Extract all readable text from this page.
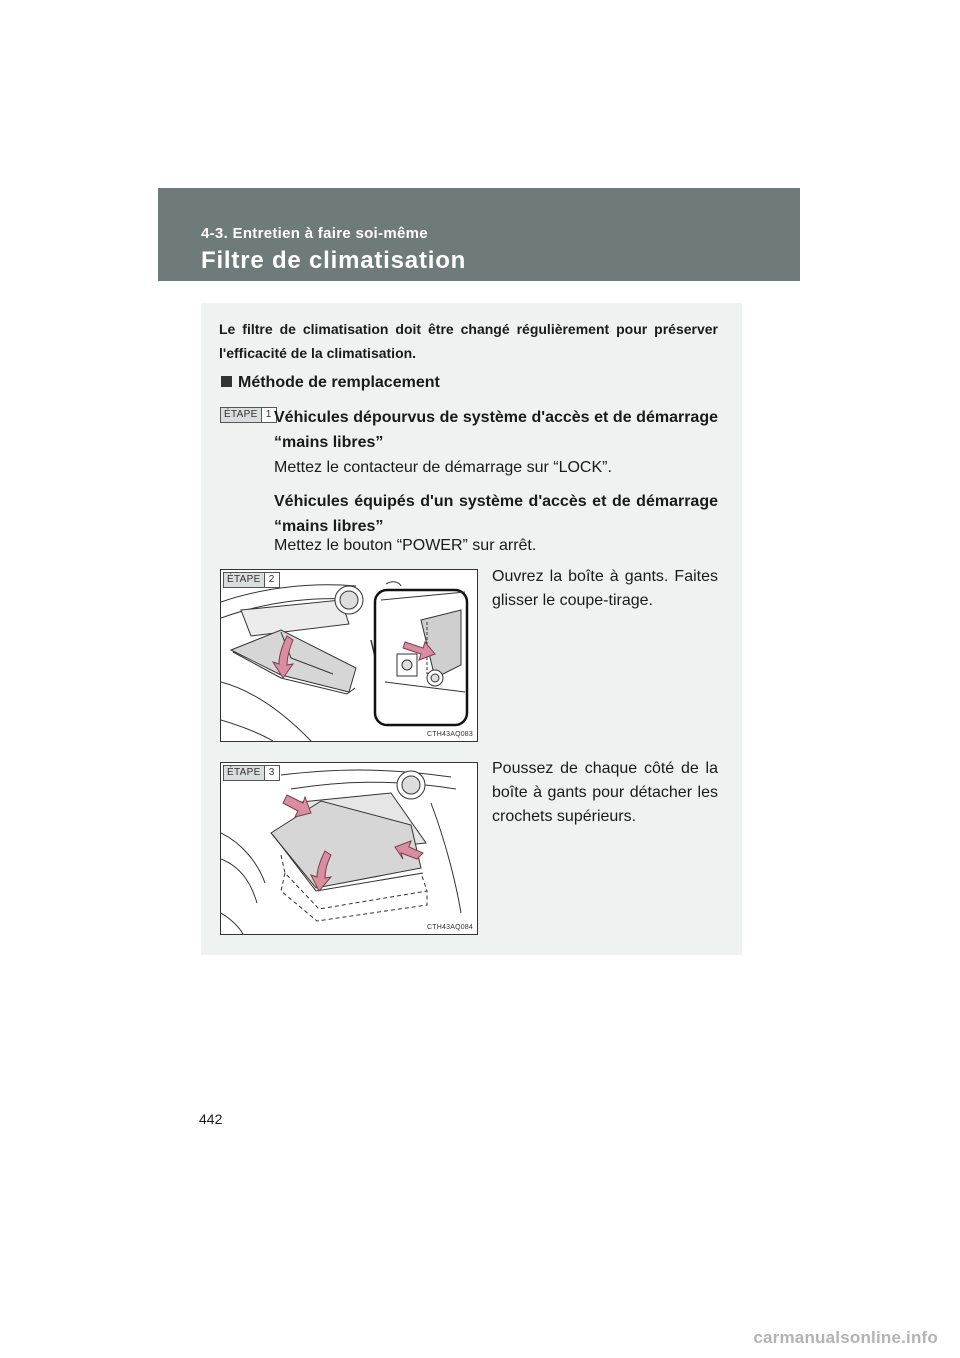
4-3. Entretien à faire soi-même
Filtre de climatisation
Le filtre de climatisation doit être changé régulièrement pour préserver l'efficacité de la climatisation.
Méthode de remplacement
ÉTAPE 1 Véhicules dépourvus de système d'accès et de démarrage “mains libres”
Mettez le contacteur de démarrage sur “LOCK”.
Véhicules équipés d'un système d'accès et de démarrage “mains libres”
Mettez le bouton “POWER” sur arrêt.
ÉTAPE 2
CTH43AQ083
Ouvrez la boîte à gants. Faites glisser le coupe-tirage.
ÉTAPE 3
CTH43AQ084
Poussez de chaque côté de la boîte à gants pour détacher les crochets supérieurs.
442
carmanualsonline.info
